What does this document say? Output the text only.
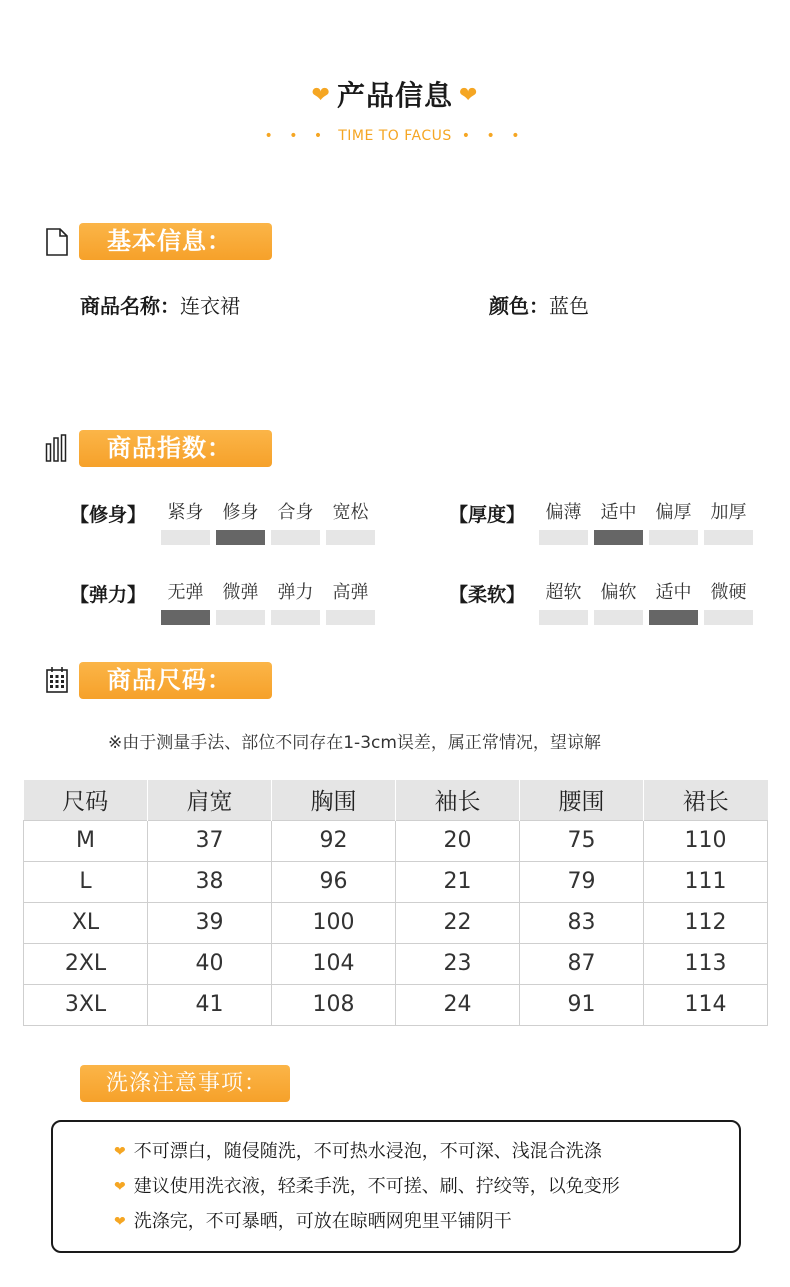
❤ 产品信息 ❤
• • • TIME TO FACUS • • •
基本信息：
商品名称：连衣裙	颜色：蓝色
商品指数：
【修身】	紧身	修身	合身	宽松	【厚度】	偏薄	适中	偏厚	加厚
【弹力】	无弹	微弹	弹力	高弹	【柔软】	超软	偏软	适中	微硬
商品尺码：
※由于测量手法、部位不同存在1-3cm误差，属正常情况，望谅解
尺码	肩宽	胸围	袖长	腰围	裙长
M	37	92	20	75	110
L	38	96	21	79	111
XL	39	100	22	83	112
2XL	40	104	23	87	113
3XL	41	108	24	91	114
洗涤注意事项：
❤ 不可漂白，随侵随洗，不可热水浸泡，不可深、浅混合洗涤
❤ 建议使用洗衣液，轻柔手洗，不可搓、刷、拧绞等，以免变形
❤ 洗涤完，不可暴晒，可放在晾晒网兜里平铺阴干
